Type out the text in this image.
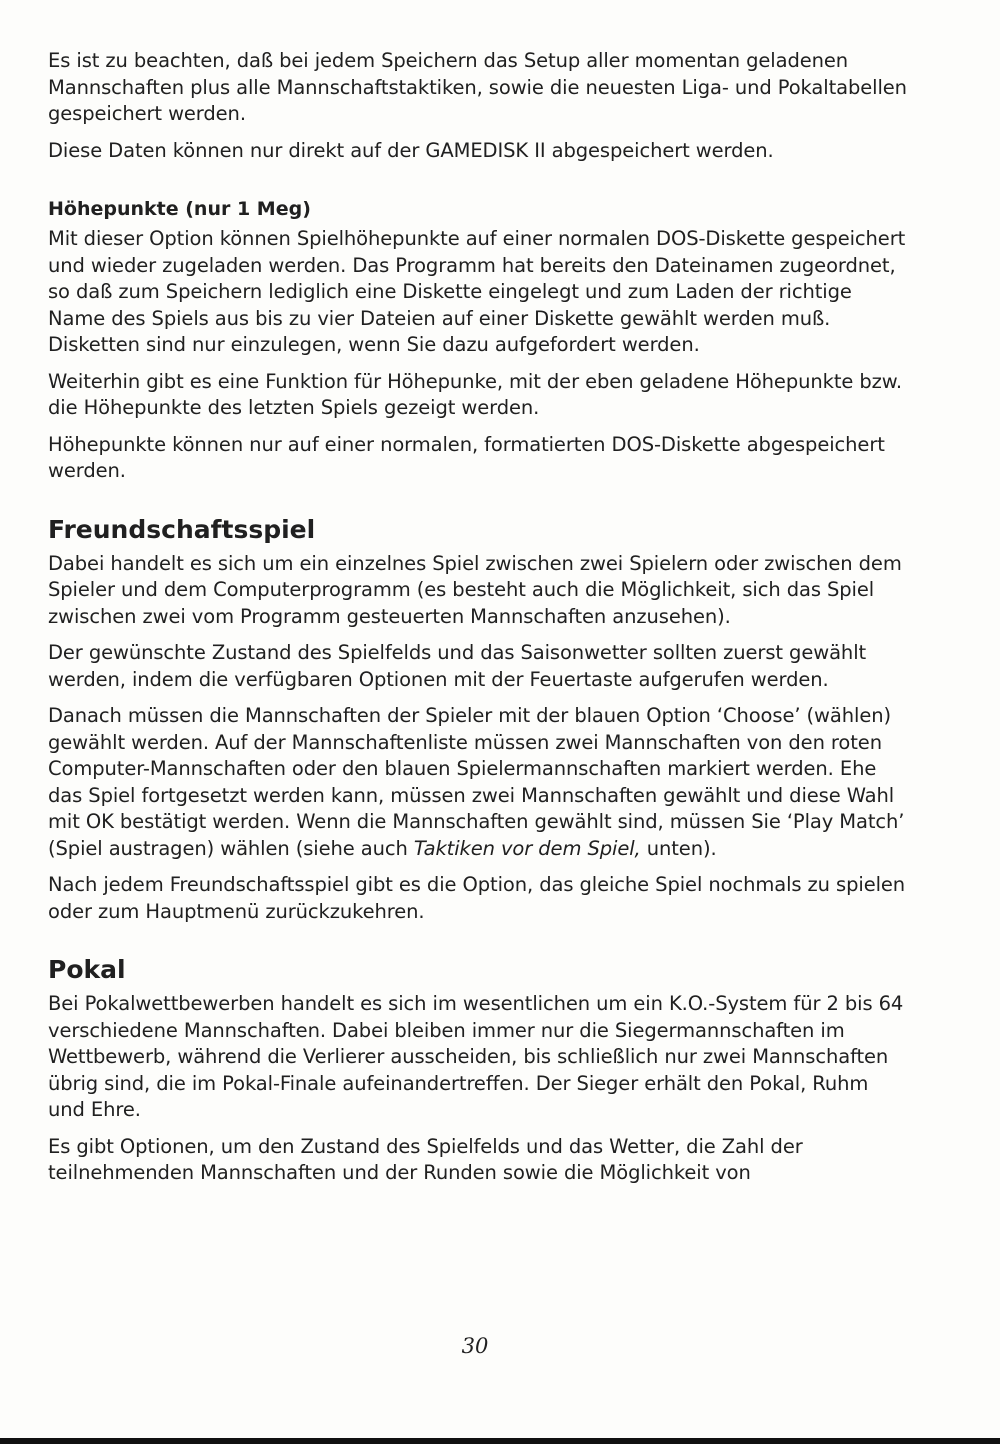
Es ist zu beachten, daß bei jedem Speichern das Setup aller momentan geladenen Mannschaften plus alle Mannschaftstaktiken, sowie die neuesten Liga- und Pokaltabellen gespeichert werden.

Diese Daten können nur direkt auf der GAMEDISK II abgespeichert werden.

Höhepunkte (nur 1 Meg)

Mit dieser Option können Spielhöhepunkte auf einer normalen DOS-Diskette gespeichert und wieder zugeladen werden. Das Programm hat bereits den Dateinamen zugeordnet, so daß zum Speichern lediglich eine Diskette eingelegt und zum Laden der richtige Name des Spiels aus bis zu vier Dateien auf einer Diskette gewählt werden muß. Disketten sind nur einzulegen, wenn Sie dazu aufgefordert werden.

Weiterhin gibt es eine Funktion für Höhepunke, mit der eben geladene Höhepunkte bzw. die Höhepunkte des letzten Spiels gezeigt werden.

Höhepunkte können nur auf einer normalen, formatierten DOS-Diskette abgespeichert werden.

Freundschaftsspiel

Dabei handelt es sich um ein einzelnes Spiel zwischen zwei Spielern oder zwischen dem Spieler und dem Computerprogramm (es besteht auch die Möglichkeit, sich das Spiel zwischen zwei vom Programm gesteuerten Mannschaften anzusehen).

Der gewünschte Zustand des Spielfelds und das Saisonwetter sollten zuerst gewählt werden, indem die verfügbaren Optionen mit der Feuertaste aufgerufen werden.

Danach müssen die Mannschaften der Spieler mit der blauen Option ‘Choose’ (wählen) gewählt werden. Auf der Mannschaftenliste müssen zwei Mannschaften von den roten Computer-Mannschaften oder den blauen Spielermannschaften markiert werden. Ehe das Spiel fortgesetzt werden kann, müssen zwei Mannschaften gewählt und diese Wahl mit OK bestätigt werden. Wenn die Mannschaften gewählt sind, müssen Sie ‘Play Match’ (Spiel austragen) wählen (siehe auch Taktiken vor dem Spiel, unten).

Nach jedem Freundschaftsspiel gibt es die Option, das gleiche Spiel nochmals zu spielen oder zum Hauptmenü zurückzukehren.

Pokal

Bei Pokalwettbewerben handelt es sich im wesentlichen um ein K.O.-System für 2 bis 64 verschiedene Mannschaften. Dabei bleiben immer nur die Siegermannschaften im Wettbewerb, während die Verlierer ausscheiden, bis schließlich nur zwei Mannschaften übrig sind, die im Pokal-Finale aufeinandertreffen. Der Sieger erhält den Pokal, Ruhm und Ehre.

Es gibt Optionen, um den Zustand des Spielfelds und das Wetter, die Zahl der teilnehmenden Mannschaften und der Runden sowie die Möglichkeit von

30
